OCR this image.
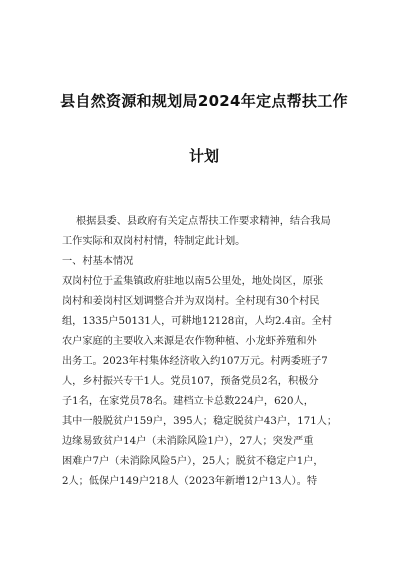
县自然资源和规划局2024年定点帮扶工作
计划
根据县委、县政府有关定点帮扶工作要求精神，结合我局
工作实际和双岗村村情，特制定此计划。
一、村基本情况
双岗村位于孟集镇政府驻地以南5公里处，地处岗区，原张
岗村和姜岗村区划调整合并为双岗村。全村现有30个村民
组，1335户50131人，可耕地12128亩，人均2.4亩。全村
农户家庭的主要收入来源是农作物种植、小龙虾养殖和外
出务工。2023年村集体经济收入约107万元。村两委班子7
人，乡村振兴专干1人。党员107，预备党员2名，积极分
子1名，在家党员78名。建档立卡总数224户，620人，
其中一般脱贫户159户，395人；稳定脱贫户43户，171人；
边缘易致贫户14户（未消除风险1户），27人；突发严重
困难户7户（未消除风险5户），25人；脱贫不稳定户1户，
2人；低保户149户218人（2023年新增12户13人）。特
